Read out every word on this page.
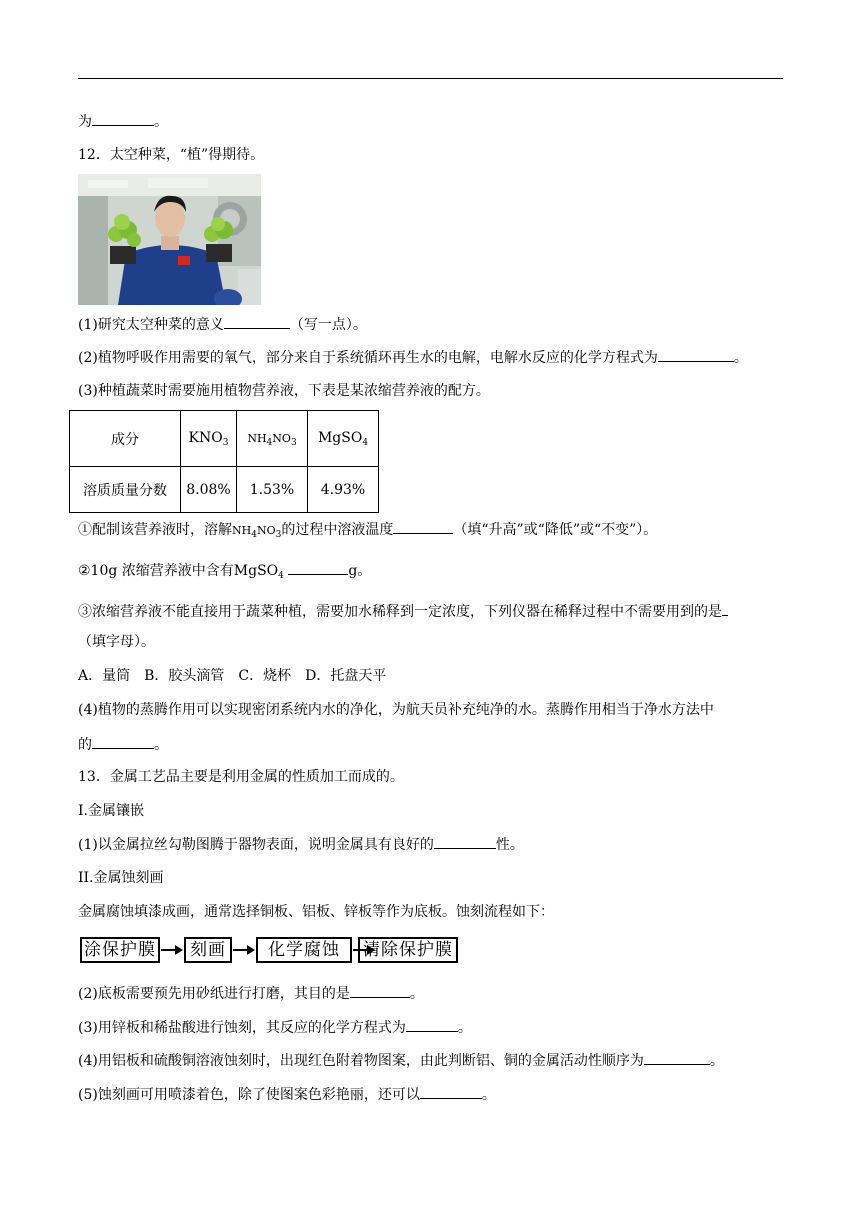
为	。
12．太空种菜，“植”得期待。
(1)研究太空种菜的意义	（写一点）。
(2)植物呼吸作用需要的氧气，部分来自于系统循环再生水的电解，电解水反应的化学方程式为	。
(3)种植蔬菜时需要施用植物营养液，下表是某浓缩营养液的配方。
成分	$KNO_3$	$NH_4NO_3$	MgSO$_4$
溶质质量分数	8.08%	1.53%	4.93%
①配制该营养液时，溶解$NH_4NO_3$的过程中溶液温度	（填“升高”或“降低”或“不变”）。
②10g 浓缩营养液中含有MgSO$_4$	g。
③浓缩营养液不能直接用于蔬菜种植，需要加水稀释到一定浓度，下列仪器在稀释过程中不需要用到的是
（填字母）。
A．量筒　B．胶头滴管　C．烧杯　D．托盘天平
(4)植物的蒸腾作用可以实现密闭系统内水的净化，为航天员补充纯净的水。蒸腾作用相当于净水方法中
的	。
13．金属工艺品主要是利用金属的性质加工而成的。
I.金属镶嵌
(1)以金属拉丝勾勒图腾于器物表面，说明金属具有良好的	性。
II.金属蚀刻画
金属腐蚀填漆成画，通常选择铜板、铝板、锌板等作为底板。蚀刻流程如下：
涂保护膜	刻画	化学腐蚀	清除保护膜
(2)底板需要预先用砂纸进行打磨，其目的是	。
(3)用锌板和稀盐酸进行蚀刻，其反应的化学方程式为	。
(4)用铝板和硫酸铜溶液蚀刻时，出现红色附着物图案，由此判断铝、铜的金属活动性顺序为	。
(5)蚀刻画可用喷漆着色，除了使图案色彩艳丽，还可以	。
